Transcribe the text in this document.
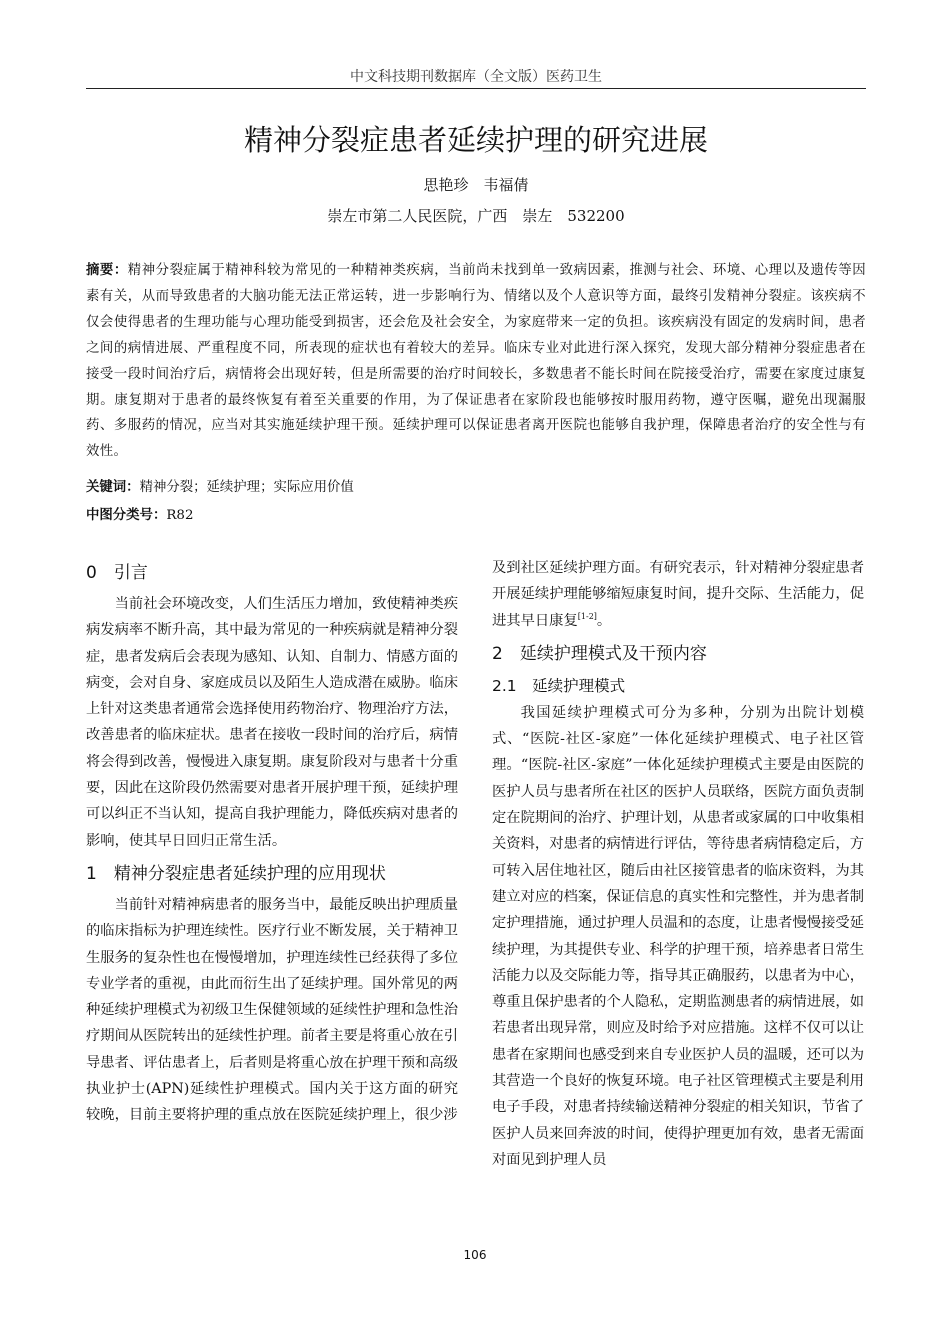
中文科技期刊数据库（全文版）医药卫生
精神分裂症患者延续护理的研究进展
思艳珍　韦福倩
崇左市第二人民医院，广西　崇左　532200
摘要：精神分裂症属于精神科较为常见的一种精神类疾病，当前尚未找到单一致病因素，推测与社会、环境、心理以及遗传等因素有关，从而导致患者的大脑功能无法正常运转，进一步影响行为、情绪以及个人意识等方面，最终引发精神分裂症。该疾病不仅会使得患者的生理功能与心理功能受到损害，还会危及社会安全，为家庭带来一定的负担。该疾病没有固定的发病时间，患者之间的病情进展、严重程度不同，所表现的症状也有着较大的差异。临床专业对此进行深入探究，发现大部分精神分裂症患者在接受一段时间治疗后，病情将会出现好转，但是所需要的治疗时间较长，多数患者不能长时间在院接受治疗，需要在家度过康复期。康复期对于患者的最终恢复有着至关重要的作用，为了保证患者在家阶段也能够按时服用药物，遵守医嘱，避免出现漏服药、多服药的情况，应当对其实施延续护理干预。延续护理可以保证患者离开医院也能够自我护理，保障患者治疗的安全性与有效性。
关键词：精神分裂；延续护理；实际应用价值
中图分类号：R82
0　引言

当前社会环境改变，人们生活压力增加，致使精神类疾病发病率不断升高，其中最为常见的一种疾病就是精神分裂症，患者发病后会表现为感知、认知、自制力、情感方面的病变，会对自身、家庭成员以及陌生人造成潜在威胁。临床上针对这类患者通常会选择使用药物治疗、物理治疗方法，改善患者的临床症状。患者在接收一段时间的治疗后，病情将会得到改善，慢慢进入康复期。康复阶段对与患者十分重要，因此在这阶段仍然需要对患者开展护理干预，延续护理可以纠正不当认知，提高自我护理能力，降低疾病对患者的影响，使其早日回归正常生活。

1　精神分裂症患者延续护理的应用现状

当前针对精神病患者的服务当中，最能反映出护理质量的临床指标为护理连续性。医疗行业不断发展，关于精神卫生服务的复杂性也在慢慢增加，护理连续性已经获得了多位专业学者的重视，由此而衍生出了延续护理。国外常见的两种延续护理模式为初级卫生保健领域的延续性护理和急性治疗期间从医院转出的延续性护理。前者主要是将重心放在引导患者、评估患者上，后者则是将重心放在护理干预和高级执业护士(APN)延续性护理模式。国内关于这方面的研究较晚，目前主要将护理的重点放在医院延续护理上，很少涉

及到社区延续护理方面。有研究表示，针对精神分裂症患者开展延续护理能够缩短康复时间，提升交际、生活能力，促进其早日康复[1-2]。

2　延续护理模式及干预内容
2.1　延续护理模式

我国延续护理模式可分为多种，分别为出院计划模式、“医院-社区-家庭”一体化延续护理模式、电子社区管理。“医院-社区-家庭”一体化延续护理模式主要是由医院的医护人员与患者所在社区的医护人员联络，医院方面负责制定在院期间的治疗、护理计划，从患者或家属的口中收集相关资料，对患者的病情进行评估，等待患者病情稳定后，方可转入居住地社区，随后由社区接管患者的临床资料，为其建立对应的档案，保证信息的真实性和完整性，并为患者制定护理措施，通过护理人员温和的态度，让患者慢慢接受延续护理，为其提供专业、科学的护理干预，培养患者日常生活能力以及交际能力等，指导其正确服药，以患者为中心，尊重且保护患者的个人隐私，定期监测患者的病情进展，如若患者出现异常，则应及时给予对应措施。这样不仅可以让患者在家期间也感受到来自专业医护人员的温暖，还可以为其营造一个良好的恢复环境。电子社区管理模式主要是利用电子手段，对患者持续输送精神分裂症的相关知识，节省了医护人员来回奔波的时间，使得护理更加有效，患者无需面对面见到护理人员

106
